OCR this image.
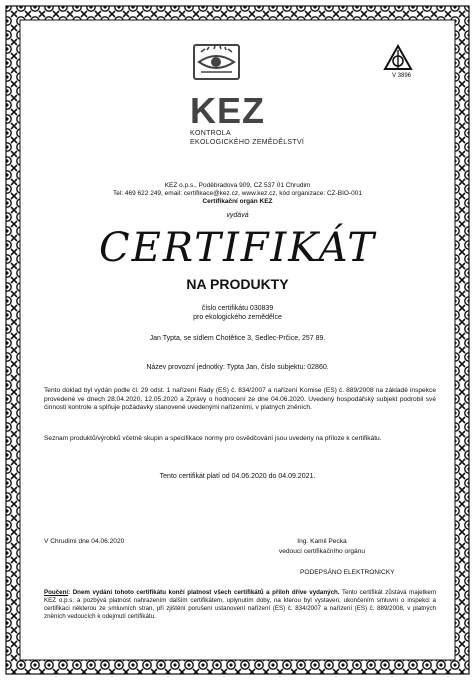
KEZ
KONTROLA
EKOLOGICKÉHO ZEMĚDĚLSTVÍ
V 3896
KEZ o.p.s., Poděbradova 909, CZ 537 01 Chrudim
Tel: 469 622 249, email: certifikace@kez.cz, www.kez.cz, kód organizace: CZ-BIO-001
Certifikační orgán KEZ
vydává
CERTIFIKÁT
NA PRODUKTY
číslo certifikátu 030839
pro ekologického zemědělce
Jan Typta, se sídlem Chotětice 3, Sedlec-Prčice, 257 89.
Název provozní jednotky: Typta Jan, číslo subjektu: 02860.
Tento doklad byl vydán podle čl. 29 odst. 1 nařízení Rady (ES) č. 834/2007 a nařízení Komise (ES) č. 889/2008 na základě inspekce provedené ve dnech 28.04.2020, 12.05.2020 a Zprávy o hodnocení ze dne 04.06.2020. Uvedený hospodářský subjekt podrobil své činnosti kontrole a splňuje požadavky stanovené uvedenými nařízeními, v platných zněních.
Seznam produktů/výrobků včetně skupin a specifikace normy pro osvědčování jsou uvedeny na příloze k certifikátu.
Tento certifikát platí od 04.06.2020 do 04.09.2021.
V Chrudimi dne 04.06.2020	Ing. Kamil Pecka
vedoucí certifikačního orgánu
PODEPSÁNO ELEKTRONICKY
Poučení: Dnem vydání tohoto certifikátu končí platnost všech certifikátů a příloh dříve vydaných. Tento certifikát zůstává majetkem KEZ o.p.s. a pozbývá platnost nahrazením dalším certifikátem, uplynutím doby, na kterou byl vystaven, ukončením smluvní o inspekci a certifikaci některou ze smluvních stran, při zjištění porušení ustanovení nařízení (ES) č. 834/2007 a nařízení (ES) č. 889/2008, v platných zněních vedoucích k odejmutí certifikátu.
